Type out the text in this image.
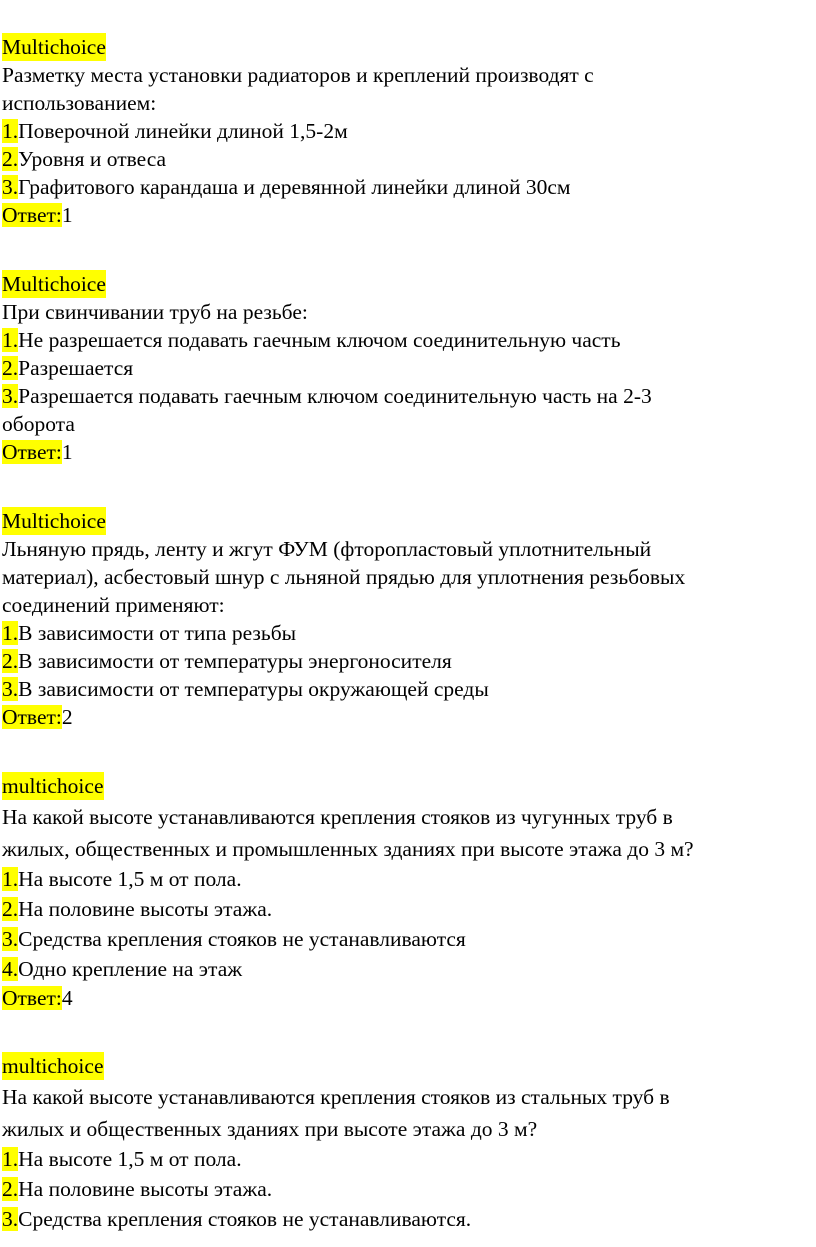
Multichoice
Разметку места установки радиаторов и креплений производят с
использованием:
1.Поверочной линейки длиной 1,5-2м
2.Уровня и отвеса
3.Графитового карандаша и деревянной линейки длиной 30см
Ответ:1
Multichoice
При свинчивании труб на резьбе:
1.Не разрешается подавать гаечным ключом соединительную часть
2.Разрешается
3.Разрешается подавать гаечным ключом соединительную часть на 2-3
оборота
Ответ:1
Multichoice
Льняную прядь, ленту и жгут ФУМ (фторопластовый уплотнительный
материал), асбестовый шнур с льняной прядью для уплотнения резьбовых
соединений применяют:
1.В зависимости от типа резьбы
2.В зависимости от температуры энергоносителя
3.В зависимости от температуры окружающей среды
Ответ:2
multichoice
На какой высоте устанавливаются крепления стояков из чугунных труб в
жилых, общественных и промышленных зданиях при высоте этажа до 3 м?
1.На высоте 1,5 м от пола.
2.На половине высоты этажа.
3.Средства крепления стояков не устанавливаются
4.Одно крепление на этаж
Ответ:4
multichoice
На какой высоте устанавливаются крепления стояков из стальных труб в
жилых и общественных зданиях при высоте этажа до 3 м?
1.На высоте 1,5 м от пола.
2.На половине высоты этажа.
3.Средства крепления стояков не устанавливаются.
